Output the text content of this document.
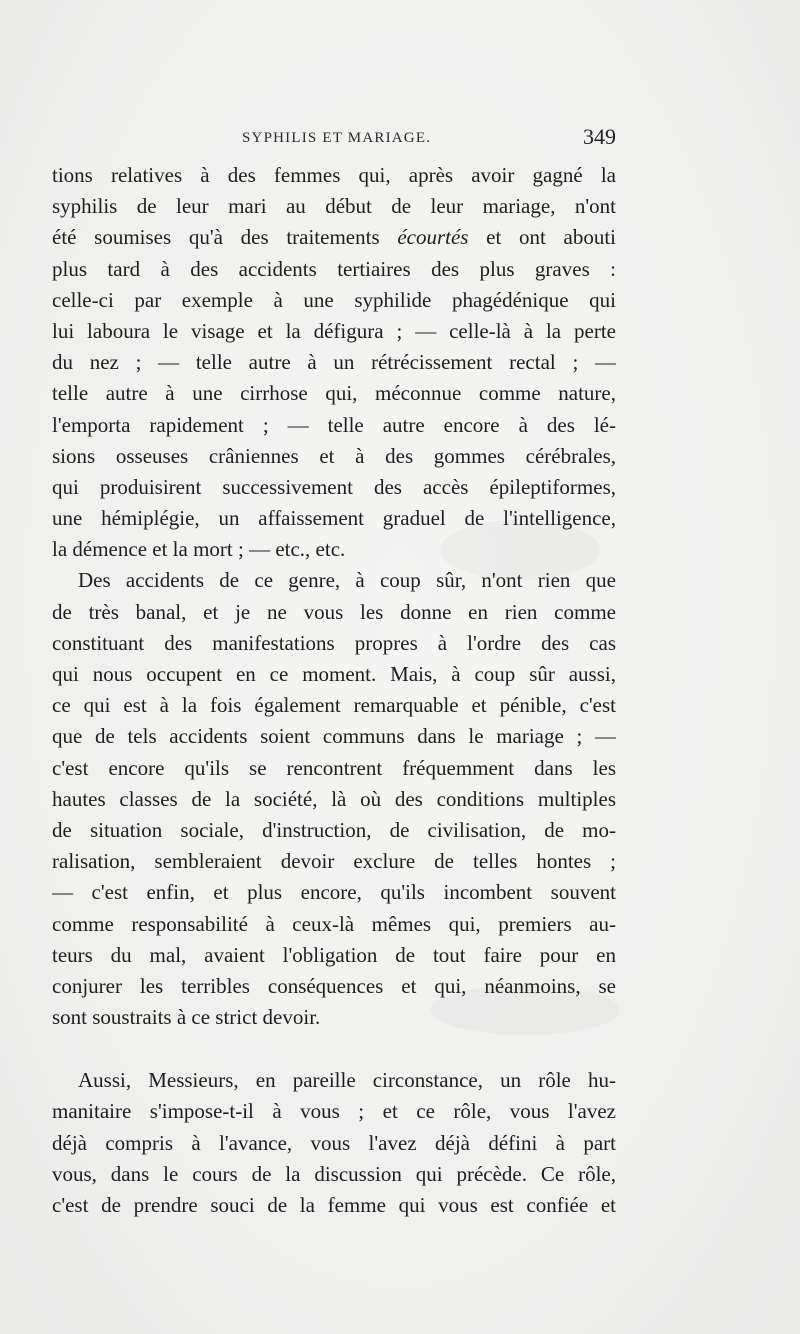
SYPHILIS ET MARIAGE.	349
tions relatives à des femmes qui, après avoir gagné la
syphilis de leur mari au début de leur mariage, n'ont
été soumises qu'à des traitements écourtés et ont abouti
plus tard à des accidents tertiaires des plus graves :
celle-ci par exemple à une syphilide phagédénique qui
lui laboura le visage et la défigura ; — celle-là à la perte
du nez ; — telle autre à un rétrécissement rectal ; —
telle autre à une cirrhose qui, méconnue comme nature,
l'emporta rapidement ; — telle autre encore à des lé-
sions osseuses crâniennes et à des gommes cérébrales,
qui produisirent successivement des accès épileptiformes,
une hémiplégie, un affaissement graduel de l'intelligence,
la démence et la mort ; — etc., etc.
Des accidents de ce genre, à coup sûr, n'ont rien que
de très banal, et je ne vous les donne en rien comme
constituant des manifestations propres à l'ordre des cas
qui nous occupent en ce moment. Mais, à coup sûr aussi,
ce qui est à la fois également remarquable et pénible, c'est
que de tels accidents soient communs dans le mariage ; —
c'est encore qu'ils se rencontrent fréquemment dans les
hautes classes de la société, là où des conditions multiples
de situation sociale, d'instruction, de civilisation, de mo-
ralisation, sembleraient devoir exclure de telles hontes ;
— c'est enfin, et plus encore, qu'ils incombent souvent
comme responsabilité à ceux-là mêmes qui, premiers au-
teurs du mal, avaient l'obligation de tout faire pour en
conjurer les terribles conséquences et qui, néanmoins, se
sont soustraits à ce strict devoir.
Aussi, Messieurs, en pareille circonstance, un rôle hu-
manitaire s'impose-t-il à vous ; et ce rôle, vous l'avez
déjà compris à l'avance, vous l'avez déjà défini à part
vous, dans le cours de la discussion qui précède. Ce rôle,
c'est de prendre souci de la femme qui vous est confiée et
